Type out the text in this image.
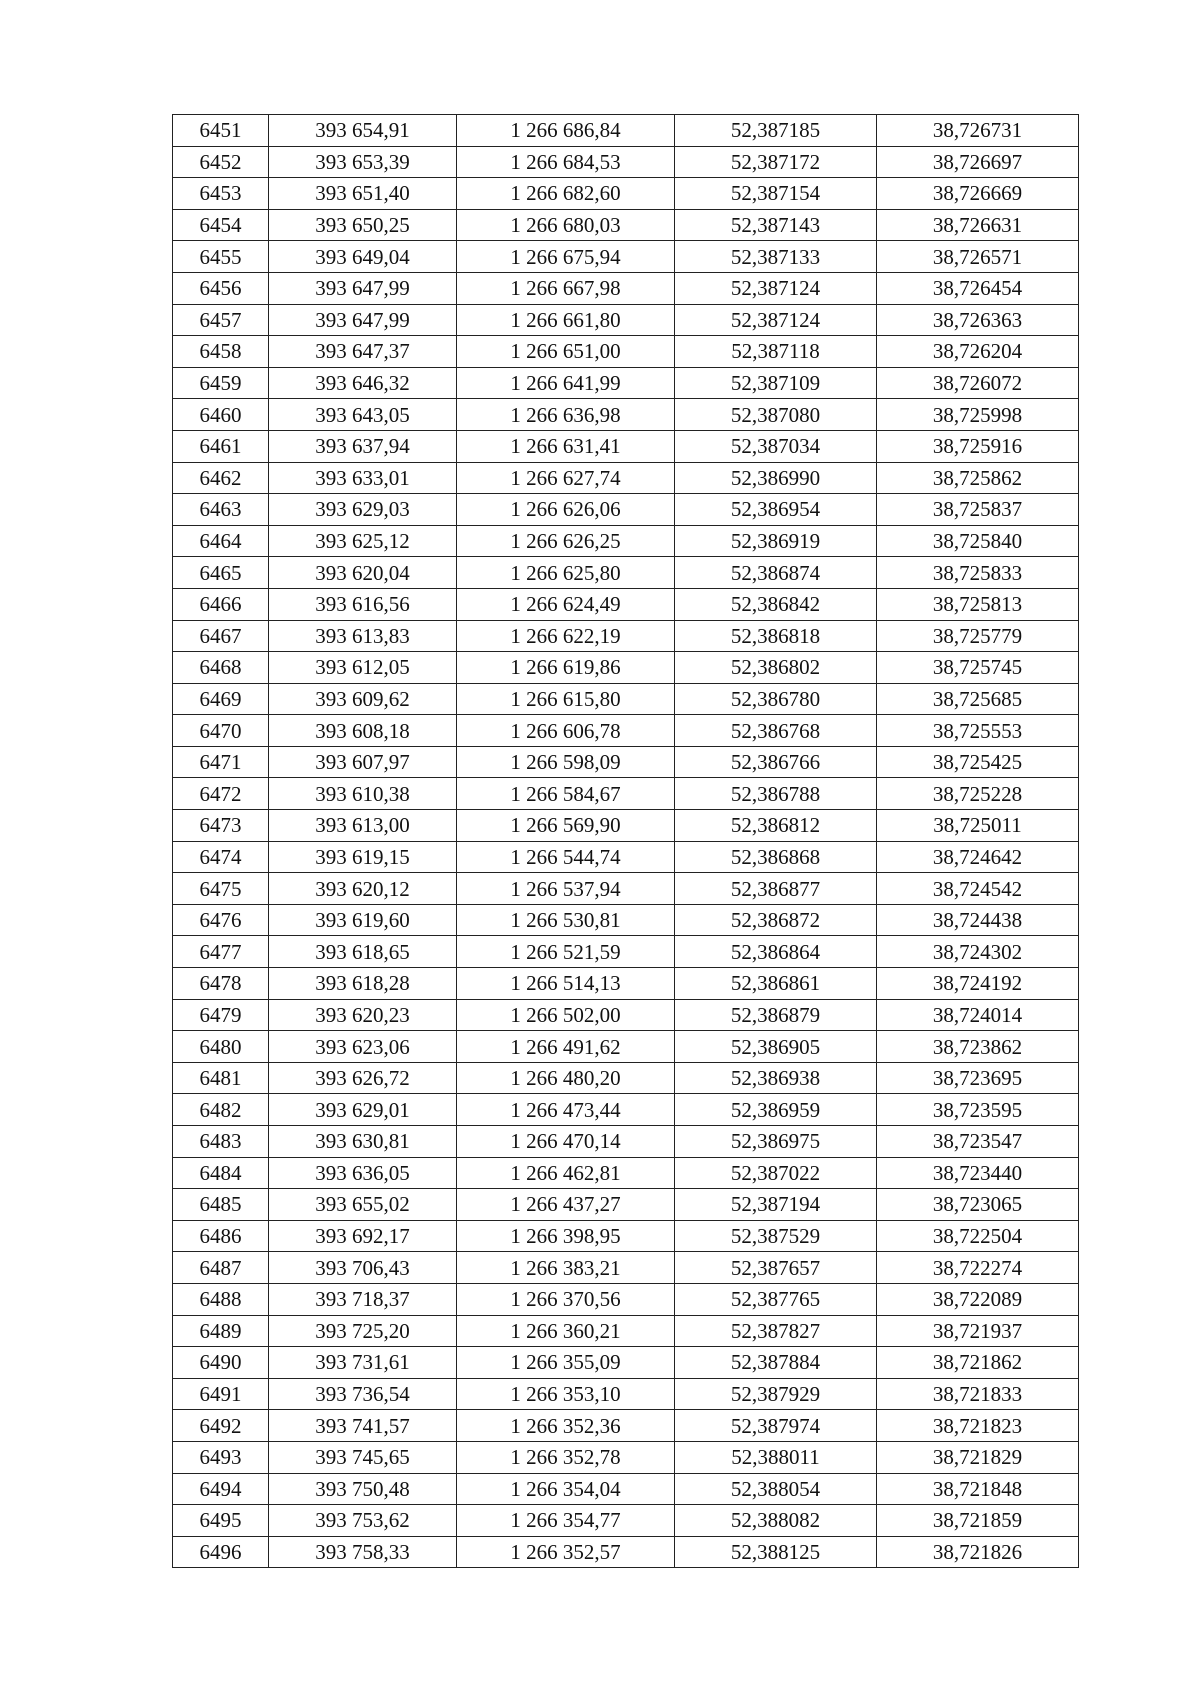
6451	393 654,91	1 266 686,84	52,387185	38,726731
6452	393 653,39	1 266 684,53	52,387172	38,726697
6453	393 651,40	1 266 682,60	52,387154	38,726669
6454	393 650,25	1 266 680,03	52,387143	38,726631
6455	393 649,04	1 266 675,94	52,387133	38,726571
6456	393 647,99	1 266 667,98	52,387124	38,726454
6457	393 647,99	1 266 661,80	52,387124	38,726363
6458	393 647,37	1 266 651,00	52,387118	38,726204
6459	393 646,32	1 266 641,99	52,387109	38,726072
6460	393 643,05	1 266 636,98	52,387080	38,725998
6461	393 637,94	1 266 631,41	52,387034	38,725916
6462	393 633,01	1 266 627,74	52,386990	38,725862
6463	393 629,03	1 266 626,06	52,386954	38,725837
6464	393 625,12	1 266 626,25	52,386919	38,725840
6465	393 620,04	1 266 625,80	52,386874	38,725833
6466	393 616,56	1 266 624,49	52,386842	38,725813
6467	393 613,83	1 266 622,19	52,386818	38,725779
6468	393 612,05	1 266 619,86	52,386802	38,725745
6469	393 609,62	1 266 615,80	52,386780	38,725685
6470	393 608,18	1 266 606,78	52,386768	38,725553
6471	393 607,97	1 266 598,09	52,386766	38,725425
6472	393 610,38	1 266 584,67	52,386788	38,725228
6473	393 613,00	1 266 569,90	52,386812	38,725011
6474	393 619,15	1 266 544,74	52,386868	38,724642
6475	393 620,12	1 266 537,94	52,386877	38,724542
6476	393 619,60	1 266 530,81	52,386872	38,724438
6477	393 618,65	1 266 521,59	52,386864	38,724302
6478	393 618,28	1 266 514,13	52,386861	38,724192
6479	393 620,23	1 266 502,00	52,386879	38,724014
6480	393 623,06	1 266 491,62	52,386905	38,723862
6481	393 626,72	1 266 480,20	52,386938	38,723695
6482	393 629,01	1 266 473,44	52,386959	38,723595
6483	393 630,81	1 266 470,14	52,386975	38,723547
6484	393 636,05	1 266 462,81	52,387022	38,723440
6485	393 655,02	1 266 437,27	52,387194	38,723065
6486	393 692,17	1 266 398,95	52,387529	38,722504
6487	393 706,43	1 266 383,21	52,387657	38,722274
6488	393 718,37	1 266 370,56	52,387765	38,722089
6489	393 725,20	1 266 360,21	52,387827	38,721937
6490	393 731,61	1 266 355,09	52,387884	38,721862
6491	393 736,54	1 266 353,10	52,387929	38,721833
6492	393 741,57	1 266 352,36	52,387974	38,721823
6493	393 745,65	1 266 352,78	52,388011	38,721829
6494	393 750,48	1 266 354,04	52,388054	38,721848
6495	393 753,62	1 266 354,77	52,388082	38,721859
6496	393 758,33	1 266 352,57	52,388125	38,721826
